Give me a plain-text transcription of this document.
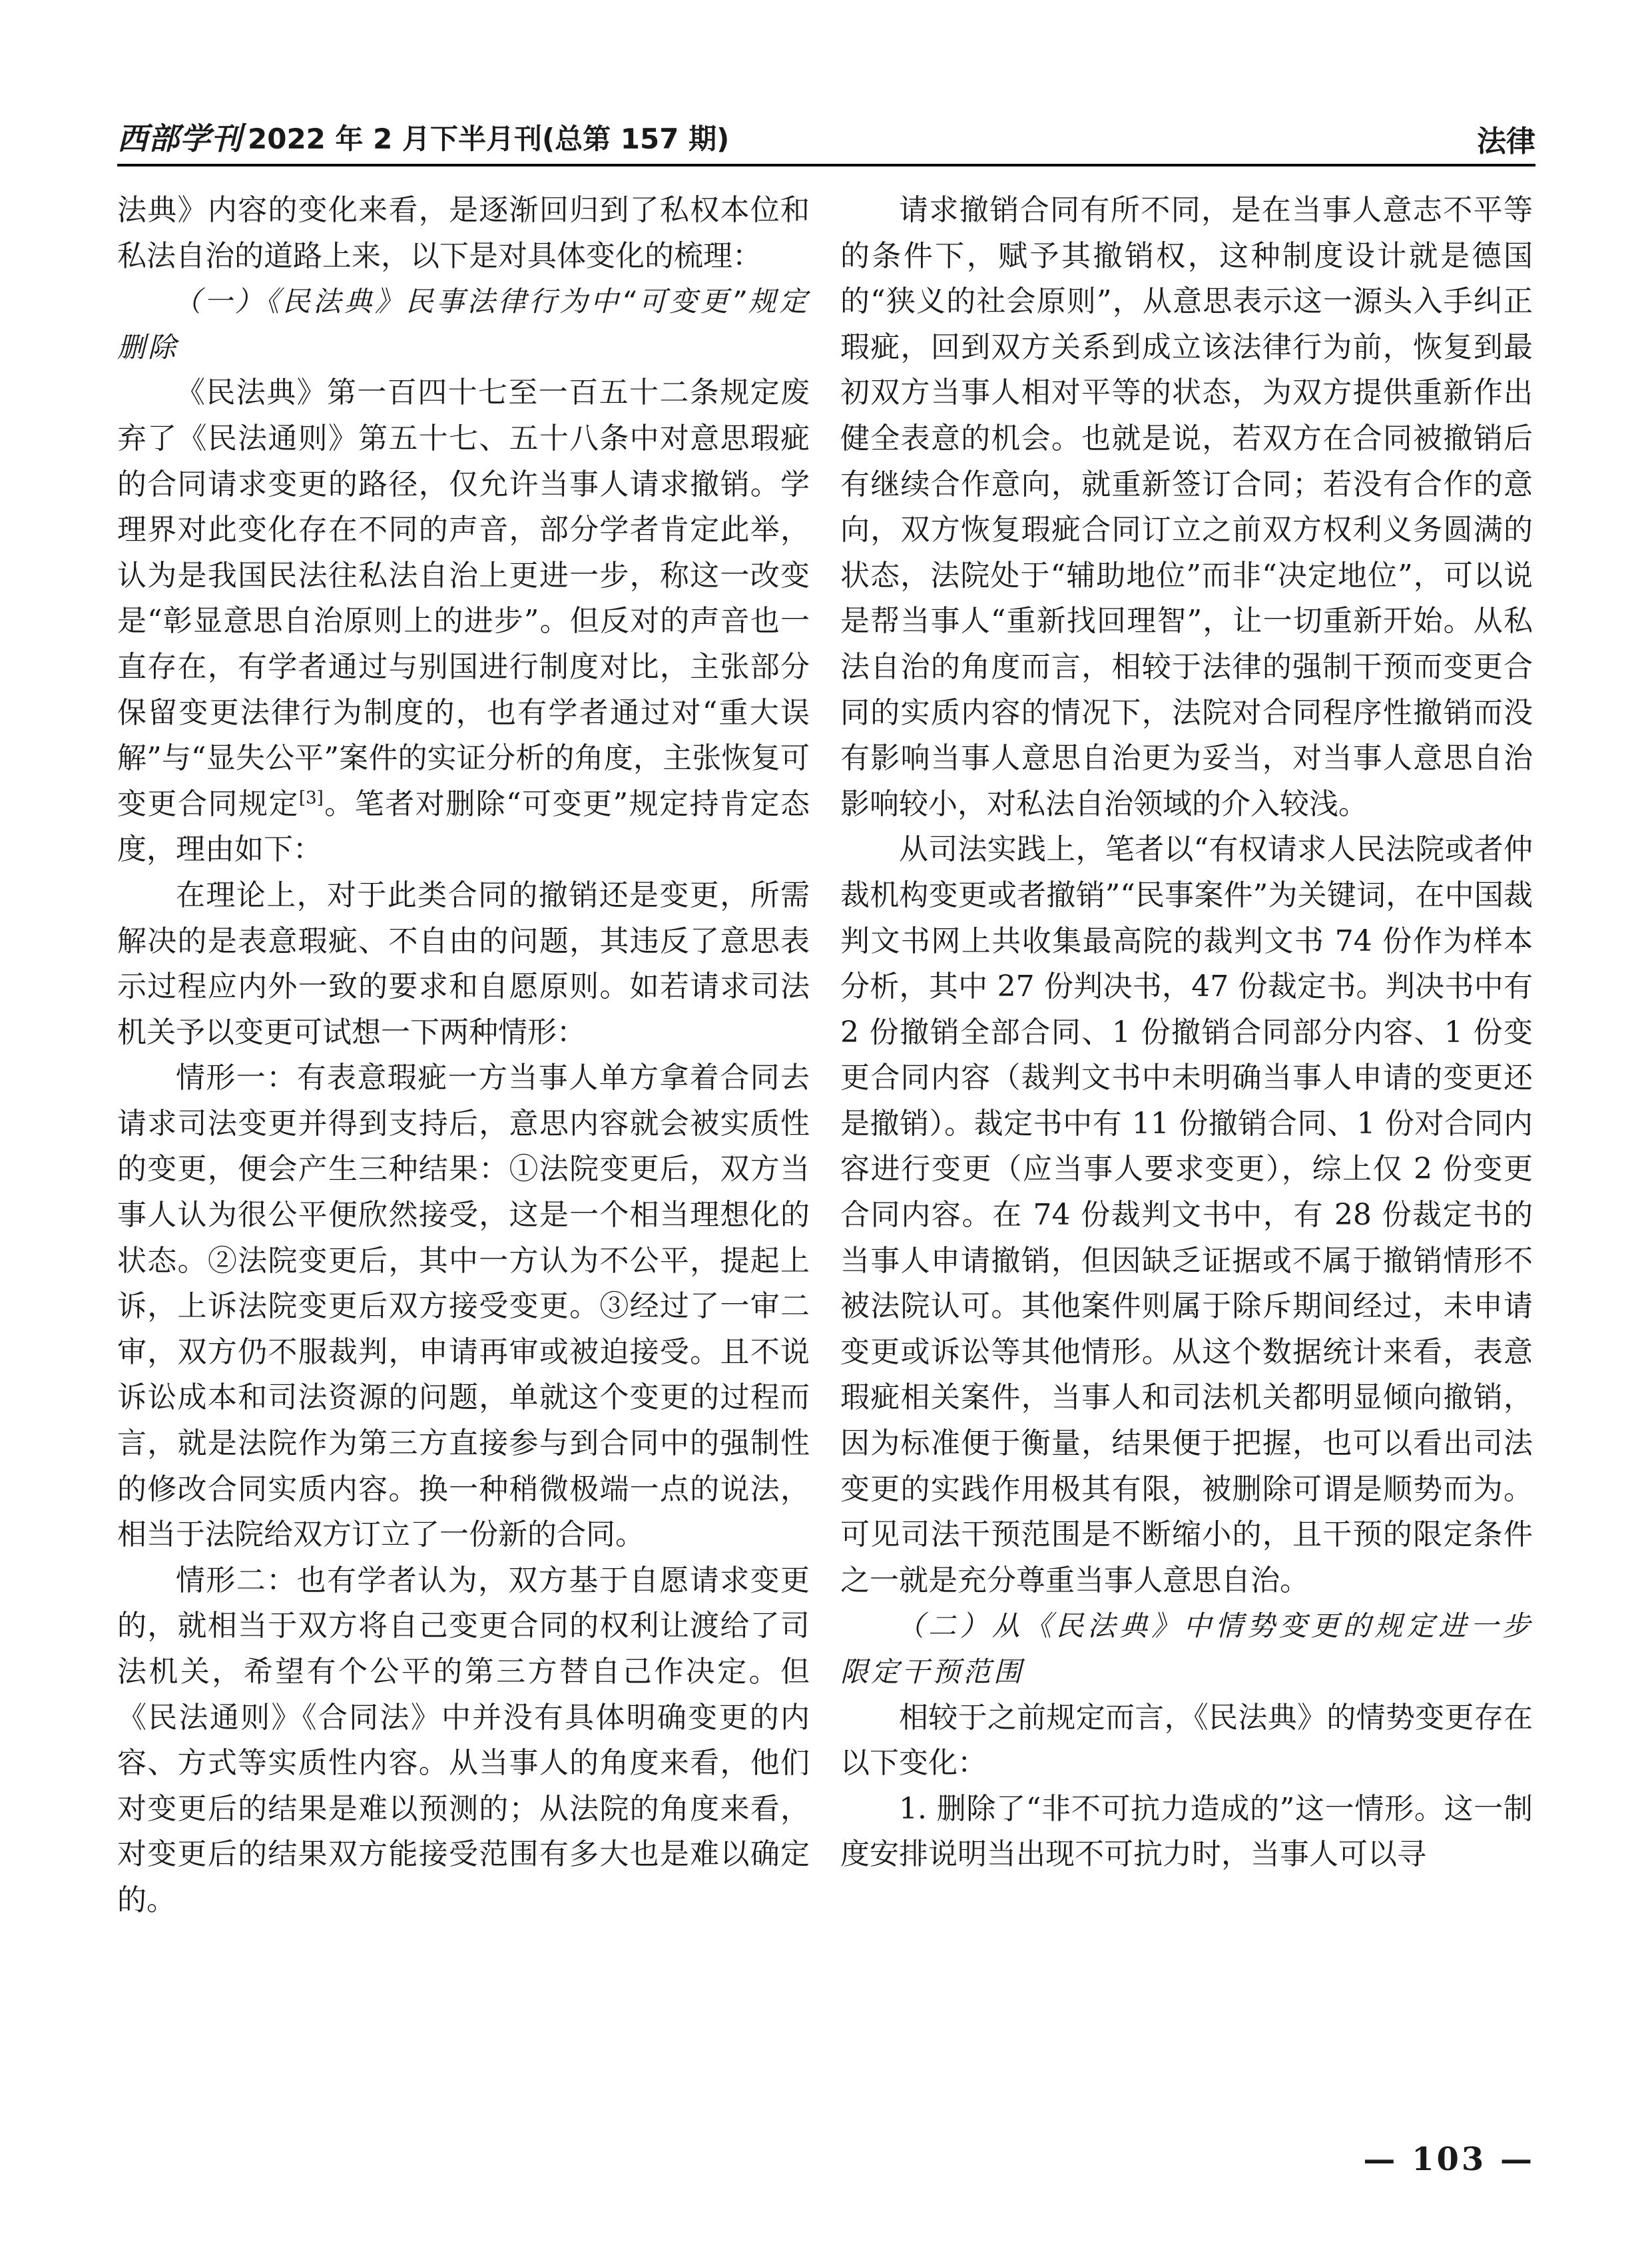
西部学刊 2022 年 2 月下半月刊(总第 157 期)	法律

法典》内容的变化来看，是逐渐回归到了私权本位和私法自治的道路上来，以下是对具体变化的梳理：

（一）《民法典》民事法律行为中“可变更”规定删除

《民法典》第一百四十七至一百五十二条规定废弃了《民法通则》第五十七、五十八条中对意思瑕疵的合同请求变更的路径，仅允许当事人请求撤销。学理界对此变化存在不同的声音，部分学者肯定此举，认为是我国民法往私法自治上更进一步，称这一改变是“彰显意思自治原则上的进步”。但反对的声音也一直存在，有学者通过与别国进行制度对比，主张部分保留变更法律行为制度的，也有学者通过对“重大误解”与“显失公平”案件的实证分析的角度，主张恢复可变更合同规定[3]。笔者对删除“可变更”规定持肯定态度，理由如下：

在理论上，对于此类合同的撤销还是变更，所需解决的是表意瑕疵、不自由的问题，其违反了意思表示过程应内外一致的要求和自愿原则。如若请求司法机关予以变更可试想一下两种情形：

情形一：有表意瑕疵一方当事人单方拿着合同去请求司法变更并得到支持后，意思内容就会被实质性的变更，便会产生三种结果：①法院变更后，双方当事人认为很公平便欣然接受，这是一个相当理想化的状态。②法院变更后，其中一方认为不公平，提起上诉，上诉法院变更后双方接受变更。③经过了一审二审，双方仍不服裁判，申请再审或被迫接受。且不说诉讼成本和司法资源的问题，单就这个变更的过程而言，就是法院作为第三方直接参与到合同中的强制性的修改合同实质内容。换一种稍微极端一点的说法，相当于法院给双方订立了一份新的合同。

情形二：也有学者认为，双方基于自愿请求变更的，就相当于双方将自己变更合同的权利让渡给了司法机关，希望有个公平的第三方替自己作决定。但《民法通则》《合同法》中并没有具体明确变更的内容、方式等实质性内容。从当事人的角度来看，他们对变更后的结果是难以预测的；从法院的角度来看，对变更后的结果双方能接受范围有多大也是难以确定的。

请求撤销合同有所不同，是在当事人意志不平等的条件下，赋予其撤销权，这种制度设计就是德国的“狭义的社会原则”，从意思表示这一源头入手纠正瑕疵，回到双方关系到成立该法律行为前，恢复到最初双方当事人相对平等的状态，为双方提供重新作出健全表意的机会。也就是说，若双方在合同被撤销后有继续合作意向，就重新签订合同；若没有合作的意向，双方恢复瑕疵合同订立之前双方权利义务圆满的状态，法院处于“辅助地位”而非“决定地位”，可以说是帮当事人“重新找回理智”，让一切重新开始。从私法自治的角度而言，相较于法律的强制干预而变更合同的实质内容的情况下，法院对合同程序性撤销而没有影响当事人意思自治更为妥当，对当事人意思自治影响较小，对私法自治领域的介入较浅。

从司法实践上，笔者以“有权请求人民法院或者仲裁机构变更或者撤销”“民事案件”为关键词，在中国裁判文书网上共收集最高院的裁判文书 74 份作为样本分析，其中 27 份判决书，47 份裁定书。判决书中有 2 份撤销全部合同、1 份撤销合同部分内容、1 份变更合同内容（裁判文书中未明确当事人申请的变更还是撤销）。裁定书中有 11 份撤销合同、1 份对合同内容进行变更（应当事人要求变更），综上仅 2 份变更合同内容。在 74 份裁判文书中，有 28 份裁定书的当事人申请撤销，但因缺乏证据或不属于撤销情形不被法院认可。其他案件则属于除斥期间经过，未申请变更或诉讼等其他情形。从这个数据统计来看，表意瑕疵相关案件，当事人和司法机关都明显倾向撤销，因为标准便于衡量，结果便于把握，也可以看出司法变更的实践作用极其有限，被删除可谓是顺势而为。可见司法干预范围是不断缩小的，且干预的限定条件之一就是充分尊重当事人意思自治。

（二）从《民法典》中情势变更的规定进一步限定干预范围

相较于之前规定而言，《民法典》的情势变更存在以下变化：

1. 删除了“非不可抗力造成的”这一情形。这一制度安排说明当出现不可抗力时，当事人可以寻

— 103 —
